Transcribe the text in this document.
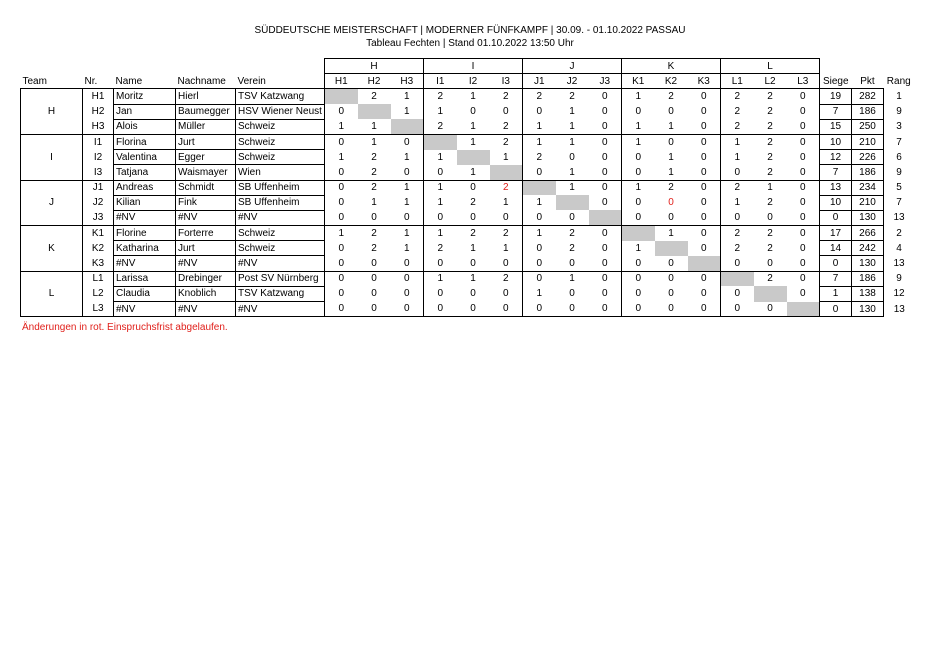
SÜDDEUTSCHE MEISTERSCHAFT | MODERNER FÜNFKAMPF | 30.09. - 01.10.2022 PASSAU
Tableau Fechten | Stand 01.10.2022 13:50 Uhr
					H			I			J			K			L					
Team	Nr.	Name	Nachname	Verein	H1	H2	H3	I1	I2	I3	J1	J2	J3	K1	K2	K3	L1	L2	L3	Siege	Pkt	Rang
H	H1	Moritz	Hierl	TSV Katzwang		2	1	2	1	2	2	2	0	1	2	0	2	2	0	19	282	1
	H2	Jan	Baumegger	HSV Wiener Neust	0		1	1	0	0	0	1	0	0	0	0	2	2	0	7	186	9
	H3	Alois	Müller	Schweiz	1	1		2	1	2	1	1	0	1	1	0	2	2	0	15	250	3
I	I1	Florina	Jurt	Schweiz	0	1	0		1	2	1	1	0	1	0	0	1	2	0	10	210	7
	I2	Valentina	Egger	Schweiz	1	2	1	1		1	2	0	0	0	1	0	1	2	0	12	226	6
	I3	Tatjana	Waismayer	Wien	0	2	0	0	1		0	1	0	0	1	0	0	2	0	7	186	9
J	J1	Andreas	Schmidt	SB Uffenheim	0	2	1	1	0	2		1	0	1	2	0	2	1	0	13	234	5
	J2	Kilian	Fink	SB Uffenheim	0	1	1	1	2	1	1		0	0	0	0	1	2	0	10	210	7
	J3	#NV	#NV	#NV	0	0	0	0	0	0	0	0		0	0	0	0	0	0	0	130	13
K	K1	Florine	Forterre	Schweiz	1	2	1	1	2	2	1	2	0		1	0	2	2	0	17	266	2
	K2	Katharina	Jurt	Schweiz	0	2	1	2	1	1	0	2	0	1		0	2	2	0	14	242	4
	K3	#NV	#NV	#NV	0	0	0	0	0	0	0	0	0	0	0		0	0	0	0	130	13
L	L1	Larissa	Drebinger	Post SV Nürnberg	0	0	0	1	1	2	0	1	0	0	0	0		2	0	7	186	9
	L2	Claudia	Knoblich	TSV Katzwang	0	0	0	0	0	0	1	0	0	0	0	0	0		0	1	138	12
	L3	#NV	#NV	#NV	0	0	0	0	0	0	0	0	0	0	0	0	0	0		0	130	13
Änderungen in rot. Einspruchsfrist abgelaufen.
